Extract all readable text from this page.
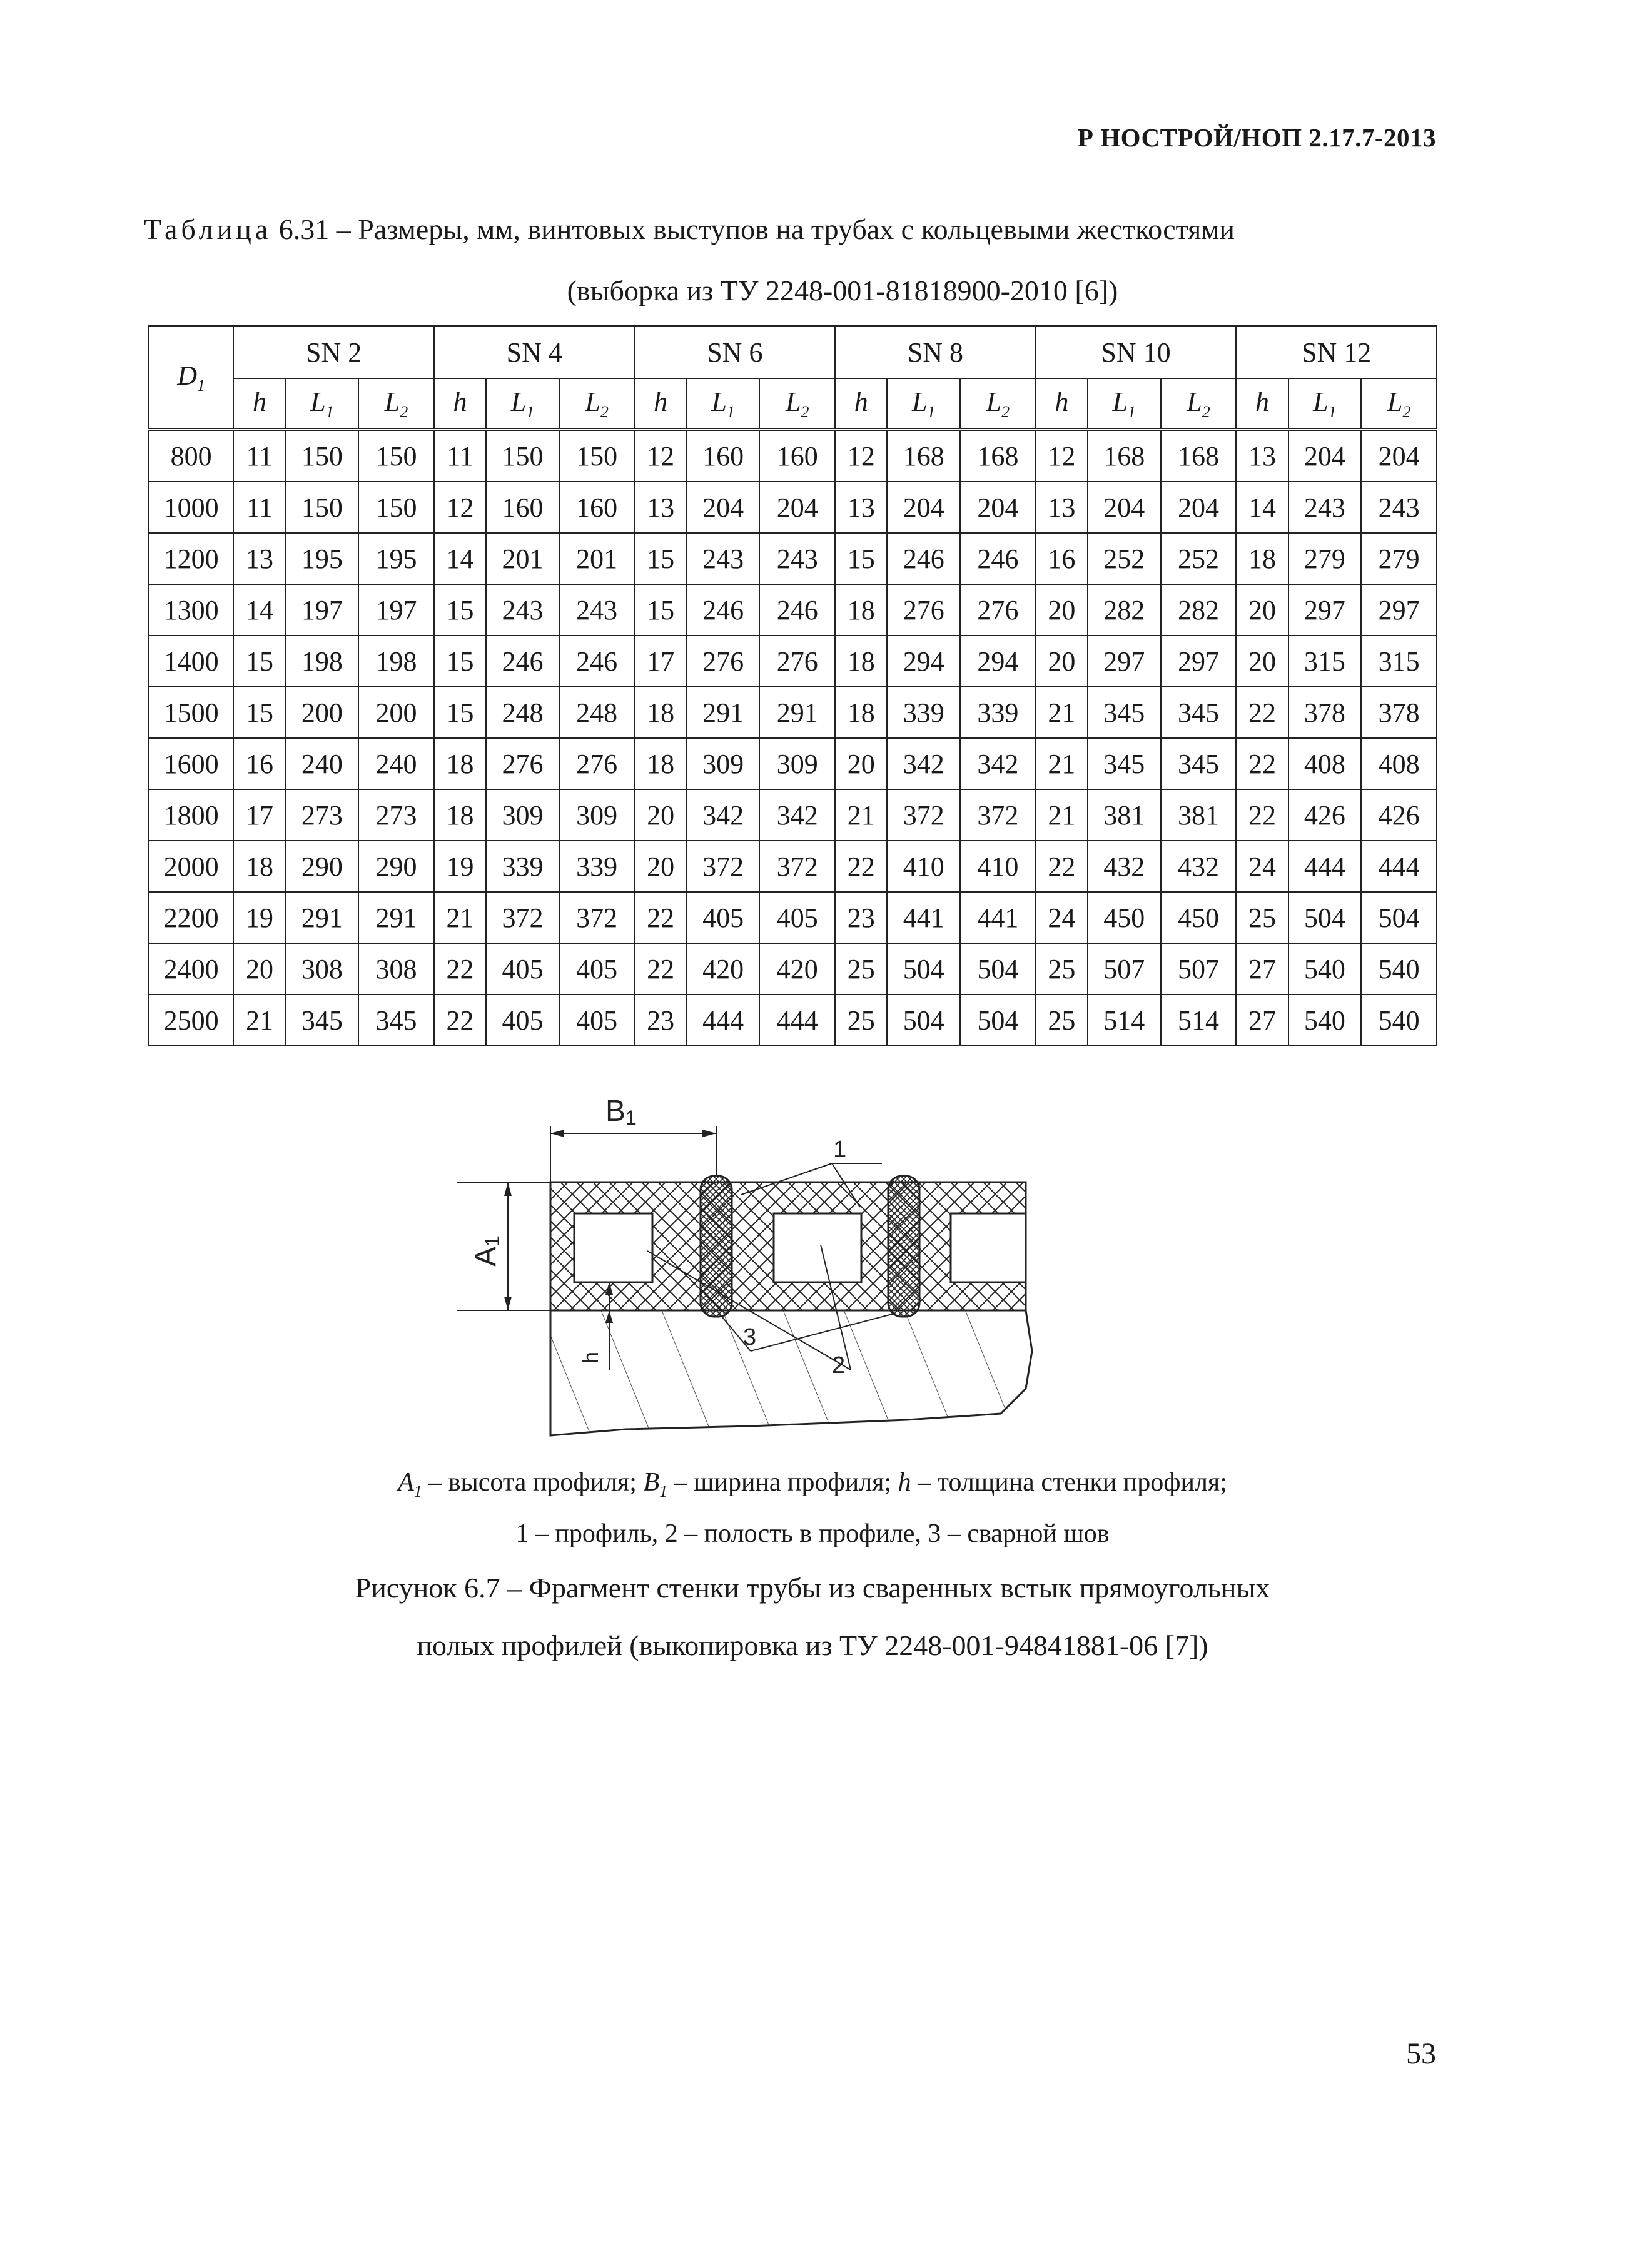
Р НОСТРОЙ/НОП 2.17.7-2013
Таблица 6.31 – Размеры, мм, винтовых выступов на трубах с кольцевыми жесткостями
(выборка из ТУ 2248-001-81818900-2010 [6])
$D_1$	SN 2			SN 4			SN 6			SN 8			SN 10			SN 12		
	h	$L_1$	$L_2$	h	$L_1$	$L_2$	h	$L_1$	$L_2$	h	$L_1$	$L_2$	h	$L_1$	$L_2$	h	$L_1$	$L_2$
800	11	150	150	11	150	150	12	160	160	12	168	168	12	168	168	13	204	204
1000	11	150	150	12	160	160	13	204	204	13	204	204	13	204	204	14	243	243
1200	13	195	195	14	201	201	15	243	243	15	246	246	16	252	252	18	279	279
1300	14	197	197	15	243	243	15	246	246	18	276	276	20	282	282	20	297	297
1400	15	198	198	15	246	246	17	276	276	18	294	294	20	297	297	20	315	315
1500	15	200	200	15	248	248	18	291	291	18	339	339	21	345	345	22	378	378
1600	16	240	240	18	276	276	18	309	309	20	342	342	21	345	345	22	408	408
1800	17	273	273	18	309	309	20	342	342	21	372	372	21	381	381	22	426	426
2000	18	290	290	19	339	339	20	372	372	22	410	410	22	432	432	24	444	444
2200	19	291	291	21	372	372	22	405	405	23	441	441	24	450	450	25	504	504
2400	20	308	308	22	405	405	22	420	420	25	504	504	25	507	507	27	540	540
2500	21	345	345	22	405	405	23	444	444	25	504	504	25	514	514	27	540	540
B1
A1
h
1
2
3
$A_1$ – высота профиля; $B_1$ – ширина профиля; h – толщина стенки профиля;
1 – профиль, 2 – полость в профиле, 3 – сварной шов
Рисунок 6.7 – Фрагмент стенки трубы из сваренных встык прямоугольных
полых профилей (выкопировка из ТУ 2248-001-94841881-06 [7])
53
